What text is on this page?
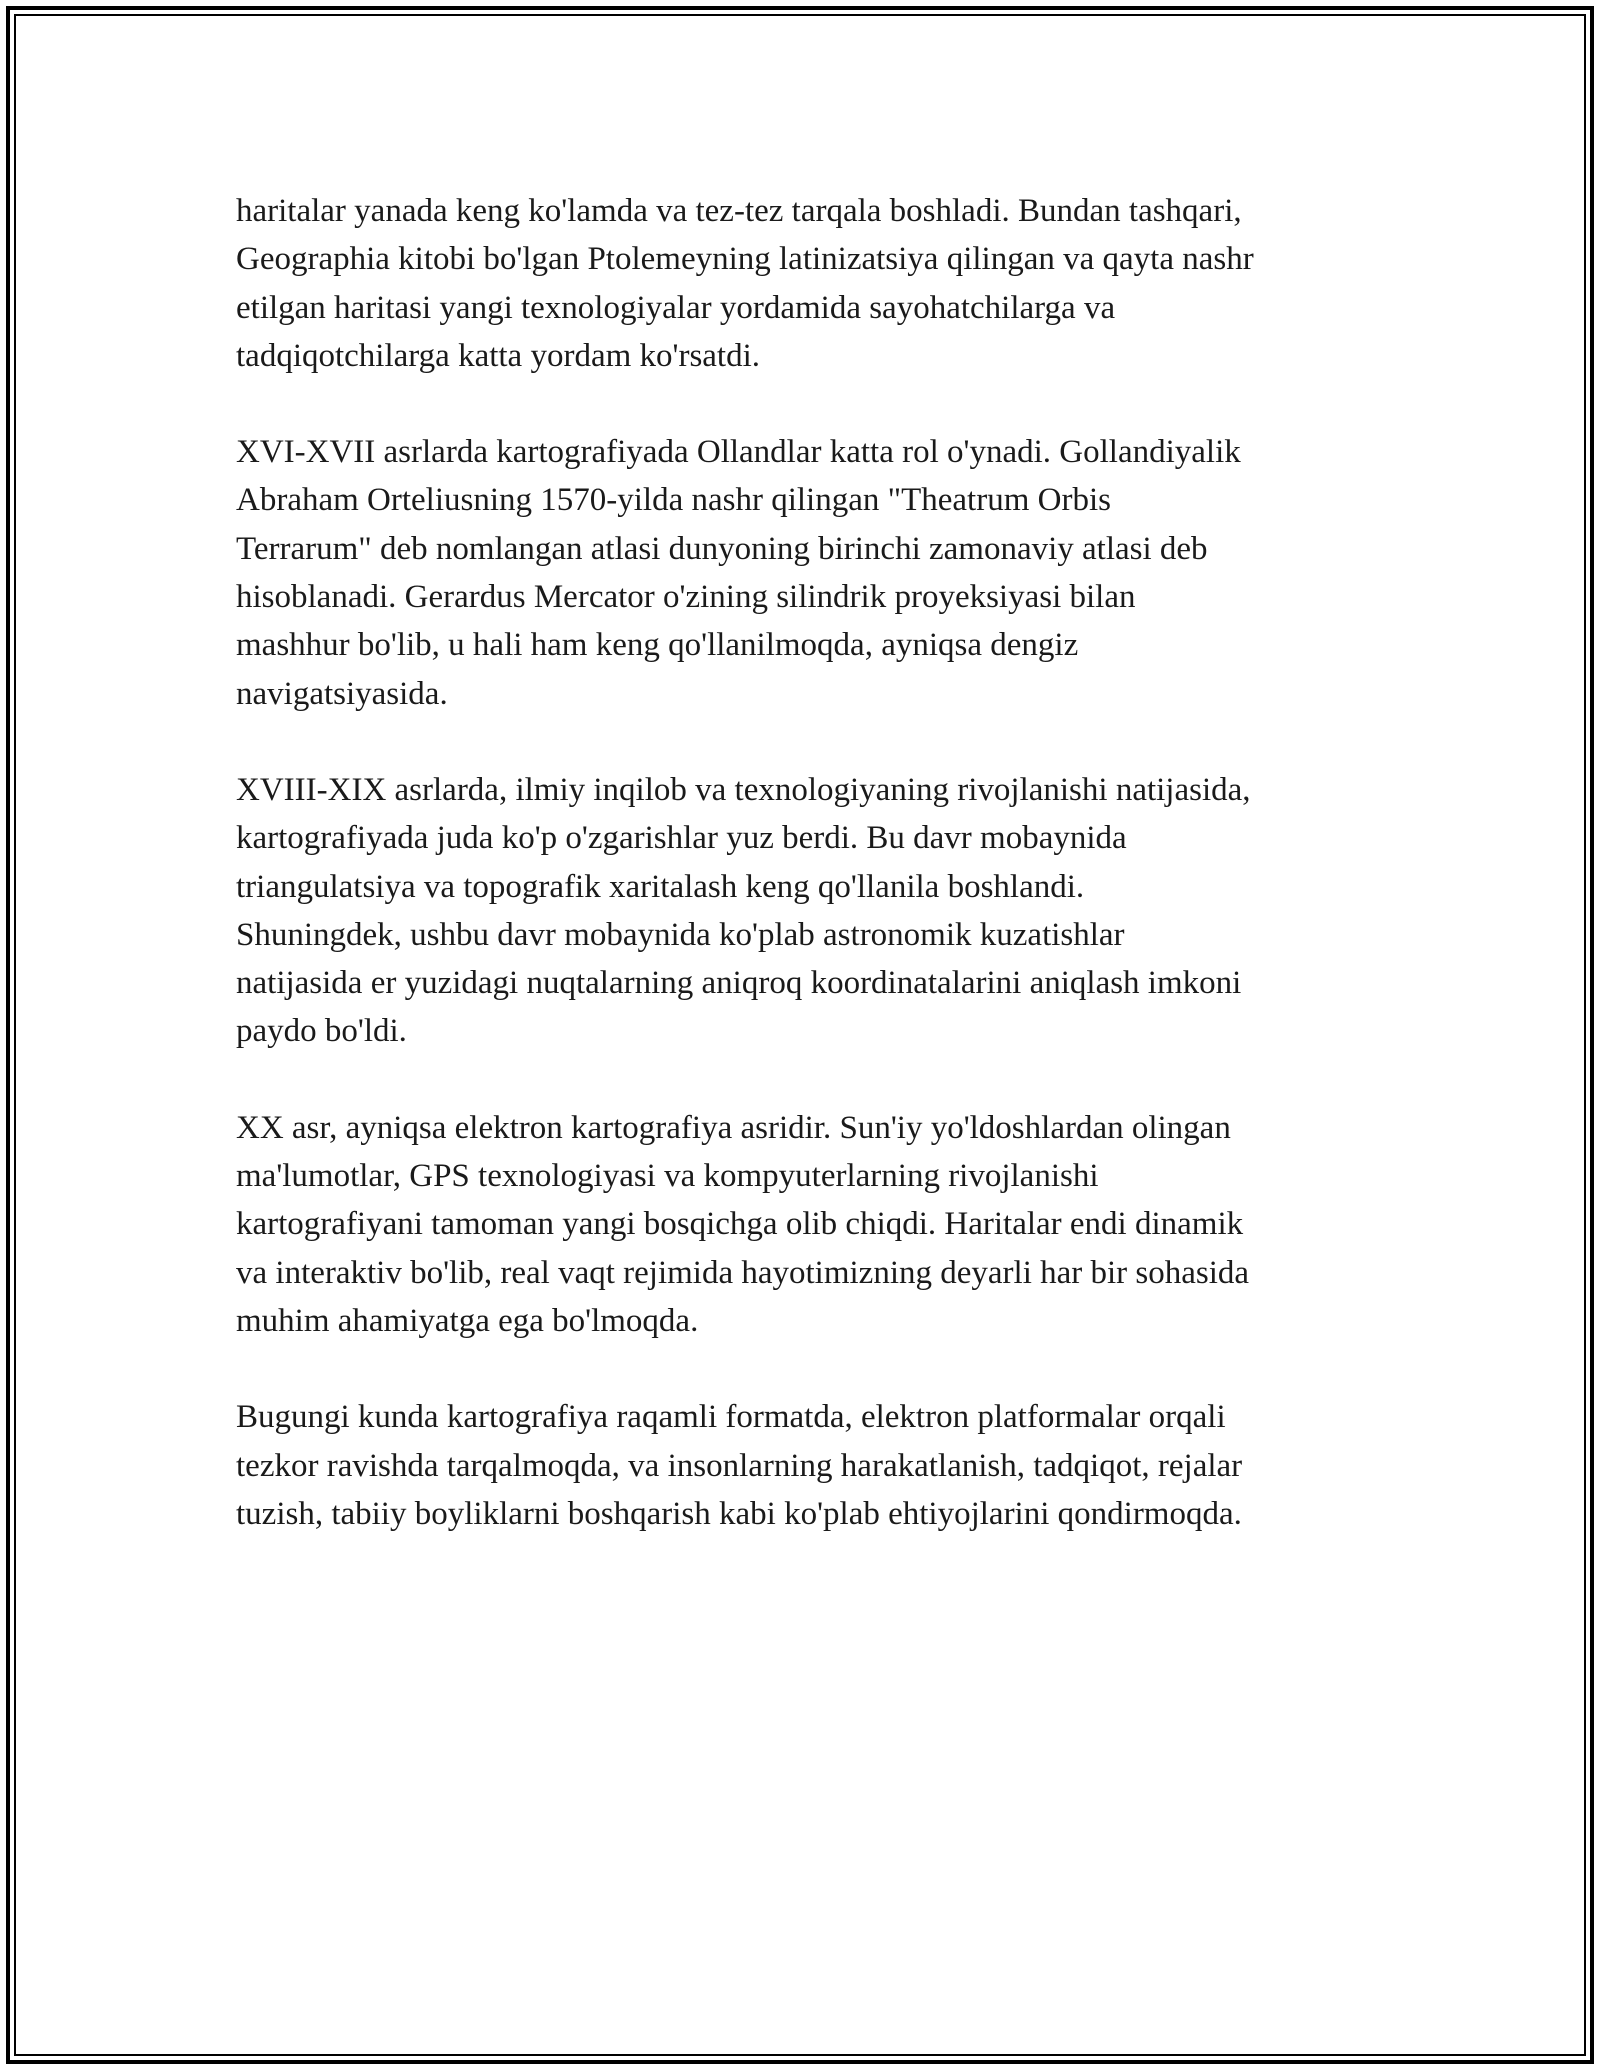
haritalar yanada keng ko'lamda va tez-tez tarqala boshladi. Bundan tashqari,
Geographia kitobi bo'lgan Ptolemeyning latinizatsiya qilingan va qayta nashr
etilgan haritasi yangi texnologiyalar yordamida sayohatchilarga va
tadqiqotchilarga katta yordam ko'rsatdi.

XVI-XVII asrlarda kartografiyada Ollandlar katta rol o'ynadi. Gollandiyalik
Abraham Orteliusning 1570-yilda nashr qilingan "Theatrum Orbis
Terrarum" deb nomlangan atlasi dunyoning birinchi zamonaviy atlasi deb
hisoblanadi. Gerardus Mercator o'zining silindrik proyeksiyasi bilan
mashhur bo'lib, u hali ham keng qo'llanilmoqda, ayniqsa dengiz
navigatsiyasida.

XVIII-XIX asrlarda, ilmiy inqilob va texnologiyaning rivojlanishi natijasida,
kartografiyada juda ko'p o'zgarishlar yuz berdi. Bu davr mobaynida
triangulatsiya va topografik xaritalash keng qo'llanila boshlandi.
Shuningdek, ushbu davr mobaynida ko'plab astronomik kuzatishlar
natijasida er yuzidagi nuqtalarning aniqroq koordinatalarini aniqlash imkoni
paydo bo'ldi.

XX asr, ayniqsa elektron kartografiya asridir. Sun'iy yo'ldoshlardan olingan
ma'lumotlar, GPS texnologiyasi va kompyuterlarning rivojlanishi
kartografiyani tamoman yangi bosqichga olib chiqdi. Haritalar endi dinamik
va interaktiv bo'lib, real vaqt rejimida hayotimizning deyarli har bir sohasida
muhim ahamiyatga ega bo'lmoqda.

Bugungi kunda kartografiya raqamli formatda, elektron platformalar orqali
tezkor ravishda tarqalmoqda, va insonlarning harakatlanish, tadqiqot, rejalar
tuzish, tabiiy boyliklarni boshqarish kabi ko'plab ehtiyojlarini qondirmoqda.
